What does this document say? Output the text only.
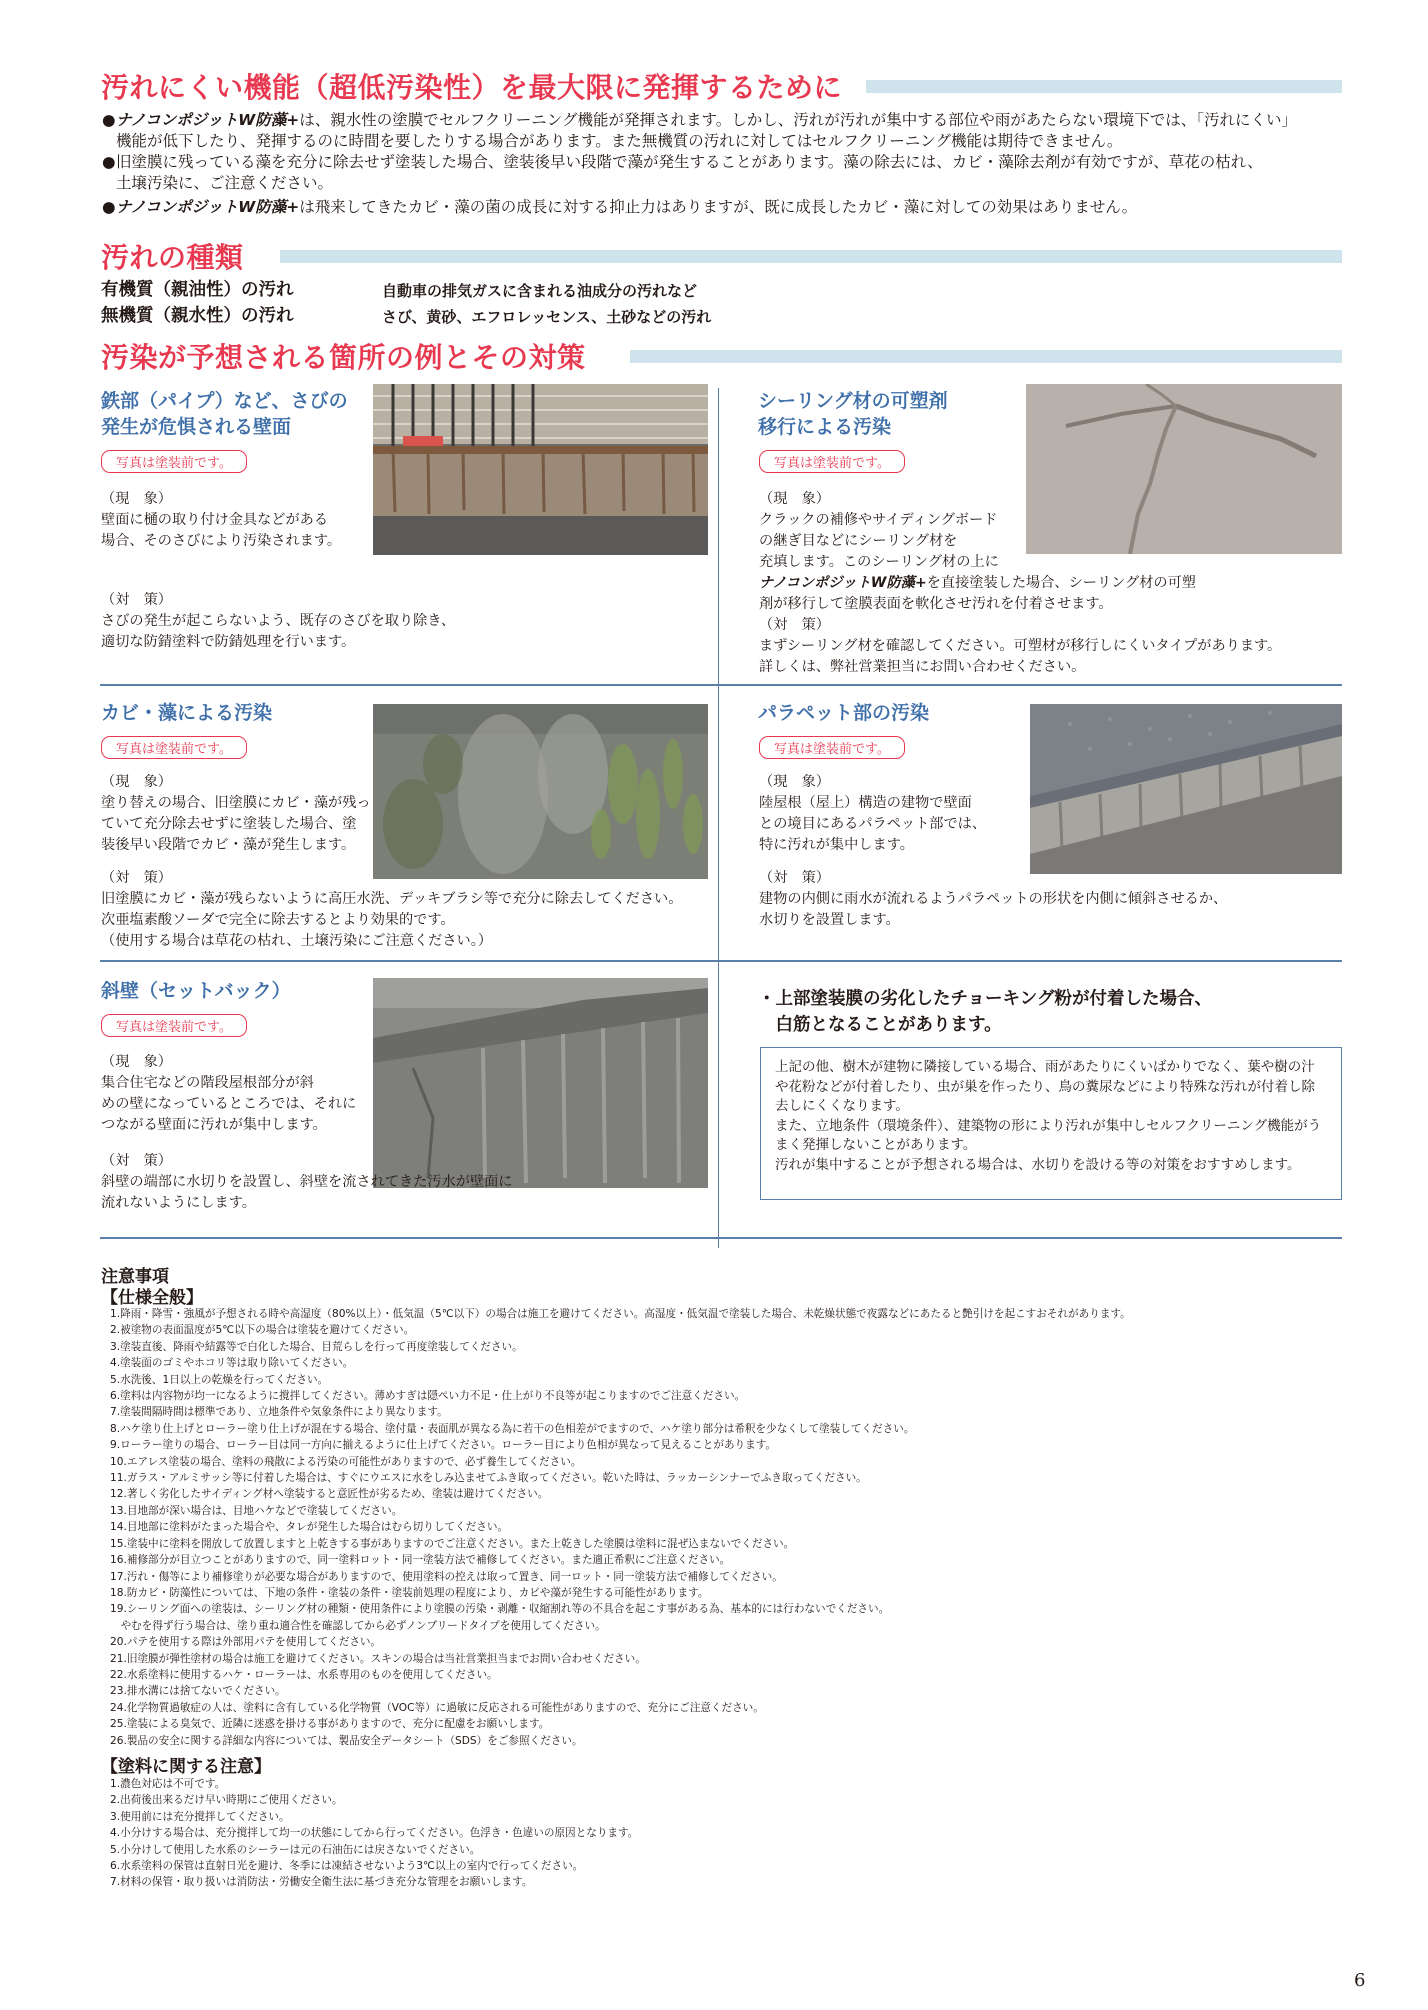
汚れにくい機能（超低汚染性）を最大限に発揮するために
● ナノコンポジットW防藻+は、親水性の塗膜でセルフクリーニング機能が発揮されます。しかし、汚れが汚れが集中する部位や雨があたらない環境下では、「汚れにくい」
機能が低下したり、発揮するのに時間を要したりする場合があります。また無機質の汚れに対してはセルフクリーニング機能は期待できません。
● 旧塗膜に残っている藻を充分に除去せず塗装した場合、塗装後早い段階で藻が発生することがあります。藻の除去には、カビ・藻除去剤が有効ですが、草花の枯れ、
土壌汚染に、ご注意ください。
● ナノコンポジットW防藻+は飛来してきたカビ・藻の菌の成長に対する抑止力はありますが、既に成長したカビ・藻に対しての効果はありません。
汚れの種類
有機質（親油性）の汚れ	自動車の排気ガスに含まれる油成分の汚れなど
無機質（親水性）の汚れ	さび、黄砂、エフロレッセンス、土砂などの汚れ
汚染が予想される箇所の例とその対策
鉄部（パイプ）など、さびの
発生が危惧される壁面
写真は塗装前です。
（現　象）
壁面に樋の取り付け金具などがある
場合、そのさびにより汚染されます。
（対　策）
さびの発生が起こらないよう、既存のさびを取り除き、
適切な防錆塗料で防錆処理を行います。
シーリング材の可塑剤
移行による汚染
写真は塗装前です。
（現　象）
クラックの補修やサイディングボード
の継ぎ目などにシーリング材を
充填します。このシーリング材の上に
ナノコンポジットW防藻+を直接塗装した場合、シーリング材の可塑
剤が移行して塗膜表面を軟化させ汚れを付着させます。
（対　策）
まずシーリング材を確認してください。可塑材が移行しにくいタイプがあります。
詳しくは、弊社営業担当にお問い合わせください。
カビ・藻による汚染
写真は塗装前です。
（現　象）
塗り替えの場合、旧塗膜にカビ・藻が残っ
ていて充分除去せずに塗装した場合、塗
装後早い段階でカビ・藻が発生します。
（対　策）
旧塗膜にカビ・藻が残らないように高圧水洗、デッキブラシ等で充分に除去してください。
次亜塩素酸ソーダで完全に除去するとより効果的です。
（使用する場合は草花の枯れ、土壌汚染にご注意ください。）
パラペット部の汚染
写真は塗装前です。
（現　象）
陸屋根（屋上）構造の建物で壁面
との境目にあるパラペット部では、
特に汚れが集中します。
（対　策）
建物の内側に雨水が流れるようパラペットの形状を内側に傾斜させるか、
水切りを設置します。
斜壁（セットバック）
写真は塗装前です。
（現　象）
集合住宅などの階段屋根部分が斜
めの壁になっているところでは、それに
つながる壁面に汚れが集中します。
（対　策）
斜壁の端部に水切りを設置し、斜壁を流されてきた汚水が壁面に
流れないようにします。
・上部塗装膜の劣化したチョーキング粉が付着した場合、
　白筋となることがあります。
上記の他、樹木が建物に隣接している場合、雨があたりにくいばかりでなく、葉や樹の汁
や花粉などが付着したり、虫が巣を作ったり、鳥の糞尿などにより特殊な汚れが付着し除
去しにくくなります。
また、立地条件（環境条件）、建築物の形により汚れが集中しセルフクリーニング機能がう
まく発揮しないことがあります。
汚れが集中することが予想される場合は、水切りを設ける等の対策をおすすめします。
注意事項
【仕様全般】
1.降雨・降雪・強風が予想される時や高湿度（80%以上）・低気温（5℃以下）の場合は施工を避けてください。高湿度・低気温で塗装した場合、未乾燥状態で夜露などにあたると艶引けを起こすおそれがあります。
2.被塗物の表面温度が5℃以下の場合は塗装を避けてください。
3.塗装直後、降雨や結露等で白化した場合、目荒らしを行って再度塗装してください。
4.塗装面のゴミやホコリ等は取り除いてください。
5.水洗後、1日以上の乾燥を行ってください。
6.塗料は内容物が均一になるように撹拌してください。薄めすぎは隠ぺい力不足・仕上がり不良等が起こりますのでご注意ください。
7.塗装間隔時間は標準であり、立地条件や気象条件により異なります。
8.ハケ塗り仕上げとローラー塗り仕上げが混在する場合、塗付量・表面肌が異なる為に若干の色相差がでますので、ハケ塗り部分は希釈を少なくして塗装してください。
9.ローラー塗りの場合、ローラー目は同一方向に揃えるように仕上げてください。ローラー目により色相が異なって見えることがあります。
10.エアレス塗装の場合、塗料の飛散による汚染の可能性がありますので、必ず養生してください。
11.ガラス・アルミサッシ等に付着した場合は、すぐにウエスに水をしみ込ませてふき取ってください。乾いた時は、ラッカーシンナーでふき取ってください。
12.著しく劣化したサイディング材へ塗装すると意匠性が劣るため、塗装は避けてください。
13.目地部が深い場合は、目地ハケなどで塗装してください。
14.目地部に塗料がたまった場合や、タレが発生した場合はむら切りしてください。
15.塗装中に塗料を開放して放置しますと上乾きする事がありますのでご注意ください。また上乾きした塗膜は塗料に混ぜ込まないでください。
16.補修部分が目立つことがありますので、同一塗料ロット・同一塗装方法で補修してください。また適正希釈にご注意ください。
17.汚れ・傷等により補修塗りが必要な場合がありますので、使用塗料の控えは取って置き、同一ロット・同一塗装方法で補修してください。
18.防カビ・防藻性については、下地の条件・塗装の条件・塗装前処理の程度により、カビや藻が発生する可能性があります。
19.シーリング面への塗装は、シーリング材の種類・使用条件により塗膜の汚染・剥離・収縮割れ等の不具合を起こす事がある為、基本的には行わないでください。
　やむを得ず行う場合は、塗り重ね適合性を確認してから必ずノンブリードタイプを使用してください。
20.パテを使用する際は外部用パテを使用してください。
21.旧塗膜が弾性塗材の場合は施工を避けてください。スキンの場合は当社営業担当までお問い合わせください。
22.水系塗料に使用するハケ・ローラーは、水系専用のものを使用してください。
23.排水溝には捨てないでください。
24.化学物質過敏症の人は、塗料に含有している化学物質（VOC等）に過敏に反応される可能性がありますので、充分にご注意ください。
25.塗装による臭気で、近隣に迷惑を掛ける事がありますので、充分に配慮をお願いします。
26.製品の安全に関する詳細な内容については、製品安全データシート（SDS）をご参照ください。
【塗料に関する注意】
1.濃色対応は不可です。
2.出荷後出来るだけ早い時期にご使用ください。
3.使用前には充分撹拌してください。
4.小分けする場合は、充分撹拌して均一の状態にしてから行ってください。色浮き・色違いの原因となります。
5.小分けして使用した水系のシーラーは元の石油缶には戻さないでください。
6.水系塗料の保管は直射日光を避け、冬季には凍結させないよう3℃以上の室内で行ってください。
7.材料の保管・取り扱いは消防法・労働安全衛生法に基づき充分な管理をお願いします。
6
